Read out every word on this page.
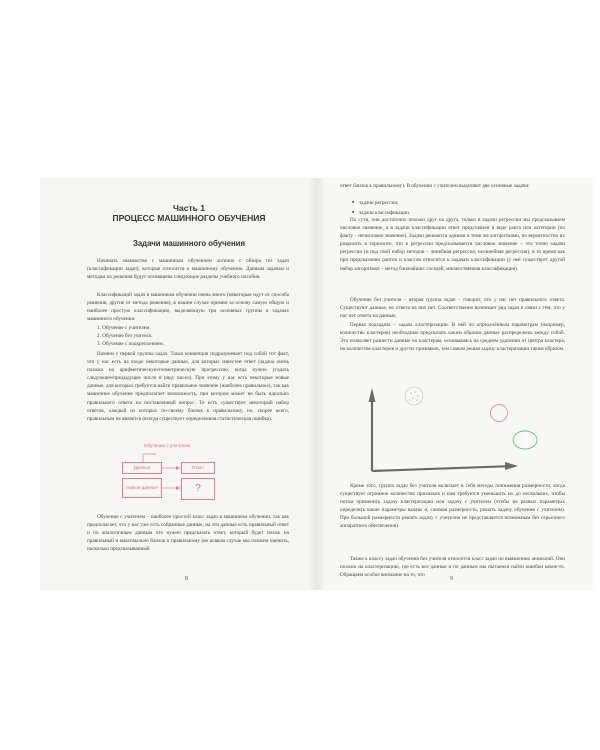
Часть 1
ПРОЦЕСС МАШИННОГО ОБУЧЕНИЯ
Задачи машинного обучения

Начинать знакомство с машинным обучением логично с обзора тех задач (классификации задач), которые относятся к машинному обучению. Данным задачам и методам их решения будут посвящены следующие разделы учебного пособия.

Классификаций задач в машинном обучении очень много (некоторые идут от способа решения, другие от метода решения), в нашем случае примем за основу самую общую и наиболее простую классификацию, выделяющую три основных группы в задачах машинного обучения:

1. Обучение с учителем.
2. Обучение без учителя.
3. Обучение с подкреплением.

Начнем с первой группы задач. Такая концепция подразумевает под собой тот факт, что у нас есть на входе некоторые данные, для которых известен ответ (задача очень похожа на арифметическую/геометрическую прогрессию, когда нужно угадать следующее/предыдущее число в ряду чисел). При этому у нас есть некоторые новые данные, для которых требуется найти правильное значение (наиболее правильное), так как машинное обучение предполагает возможность, при котором может не быть идеально правильного ответа на поставленный вопрос. То есть существует некоторый набор ответов, каждый из которых по-своему близок к правильному, но, скорее всего, правильным не является (всегда существует определенная статистическая ошибка).

Обучение с учителем
Данные	Ответ
Новые данные	?

Обучение с учителем – наиболее простой класс задач в машинном обучении, так как предполагает, что у нас уже есть собранные данные, на эти данные есть правильный ответ и по аналогичным данным что нужно предсказать ответ, который будет похож на правильный и максимально близок к правильному (во всяком случае мы сможем оценить, насколько предсказываемый

8

ответ близок к правильному). В обучении с учителем выделяют две основные задачи:

■ задачи регрессии;
■ задачи классификации.

По сути, они достаточно похожи друг на друга, только в задачи регрессии мы предсказываем числовое значение, а в задачи классификации ответ представлен в виде ранга или категории (по факту – нечисловое значение). Задачи решаются одними и теми же алгоритмами, по вероятностно их разделить в горизонте, что в регрессии предсказывается числовое значение – это точно задачи регрессии (и под свой набор методов – линейная регрессия, нелинейная регрессия), в то время как при предсказании рангов и классов относятся к задачам классификации (у неё существует другой набор алгоритмов – метод ближайших соседей, множественная классификация).

Обучение без учителя – вторая группа задач – говорит, что у нас нет правильного ответа. Существуют данные, но ответа на них нет. Соответственно возникает ряд задач в связи с тем, что у нас нет ответа на данные.

Первая подзадача – задача кластеризации. В ней по определённым параметрам (например, количество кластеров) необходимо предсказать каким образом данные распределены между собой. Это позволяет разнести данные по кластерам, основываясь на среднем удалении от центра кластера, на количестве кластеров и других признаков, тем самым решая задачу кластеризации таким образом.

Кроме того, группа задач без учителя включает в себя методы понижения размерности, когда существует огромное количество признаков и нам требуется уменьшить их до нескольких, чтобы потом применить задачу кластеризации или задачу с учителем (чтобы на разных параметрах определить какие параметры важны и, сжимая размерность, решать задачу обучения с учителем). При большой размерности решать задачу с учителем не представляется возможным без серьезного аппаратного обеспечения).

Также к классу задач обучения без учителя относится класс задач по выявлению аномалий. Они похожи на кластеризацию, где есть все данные и по данным мы пытаемся найти ошибки какие-то. Обращаем особое внимание на то, что

9
